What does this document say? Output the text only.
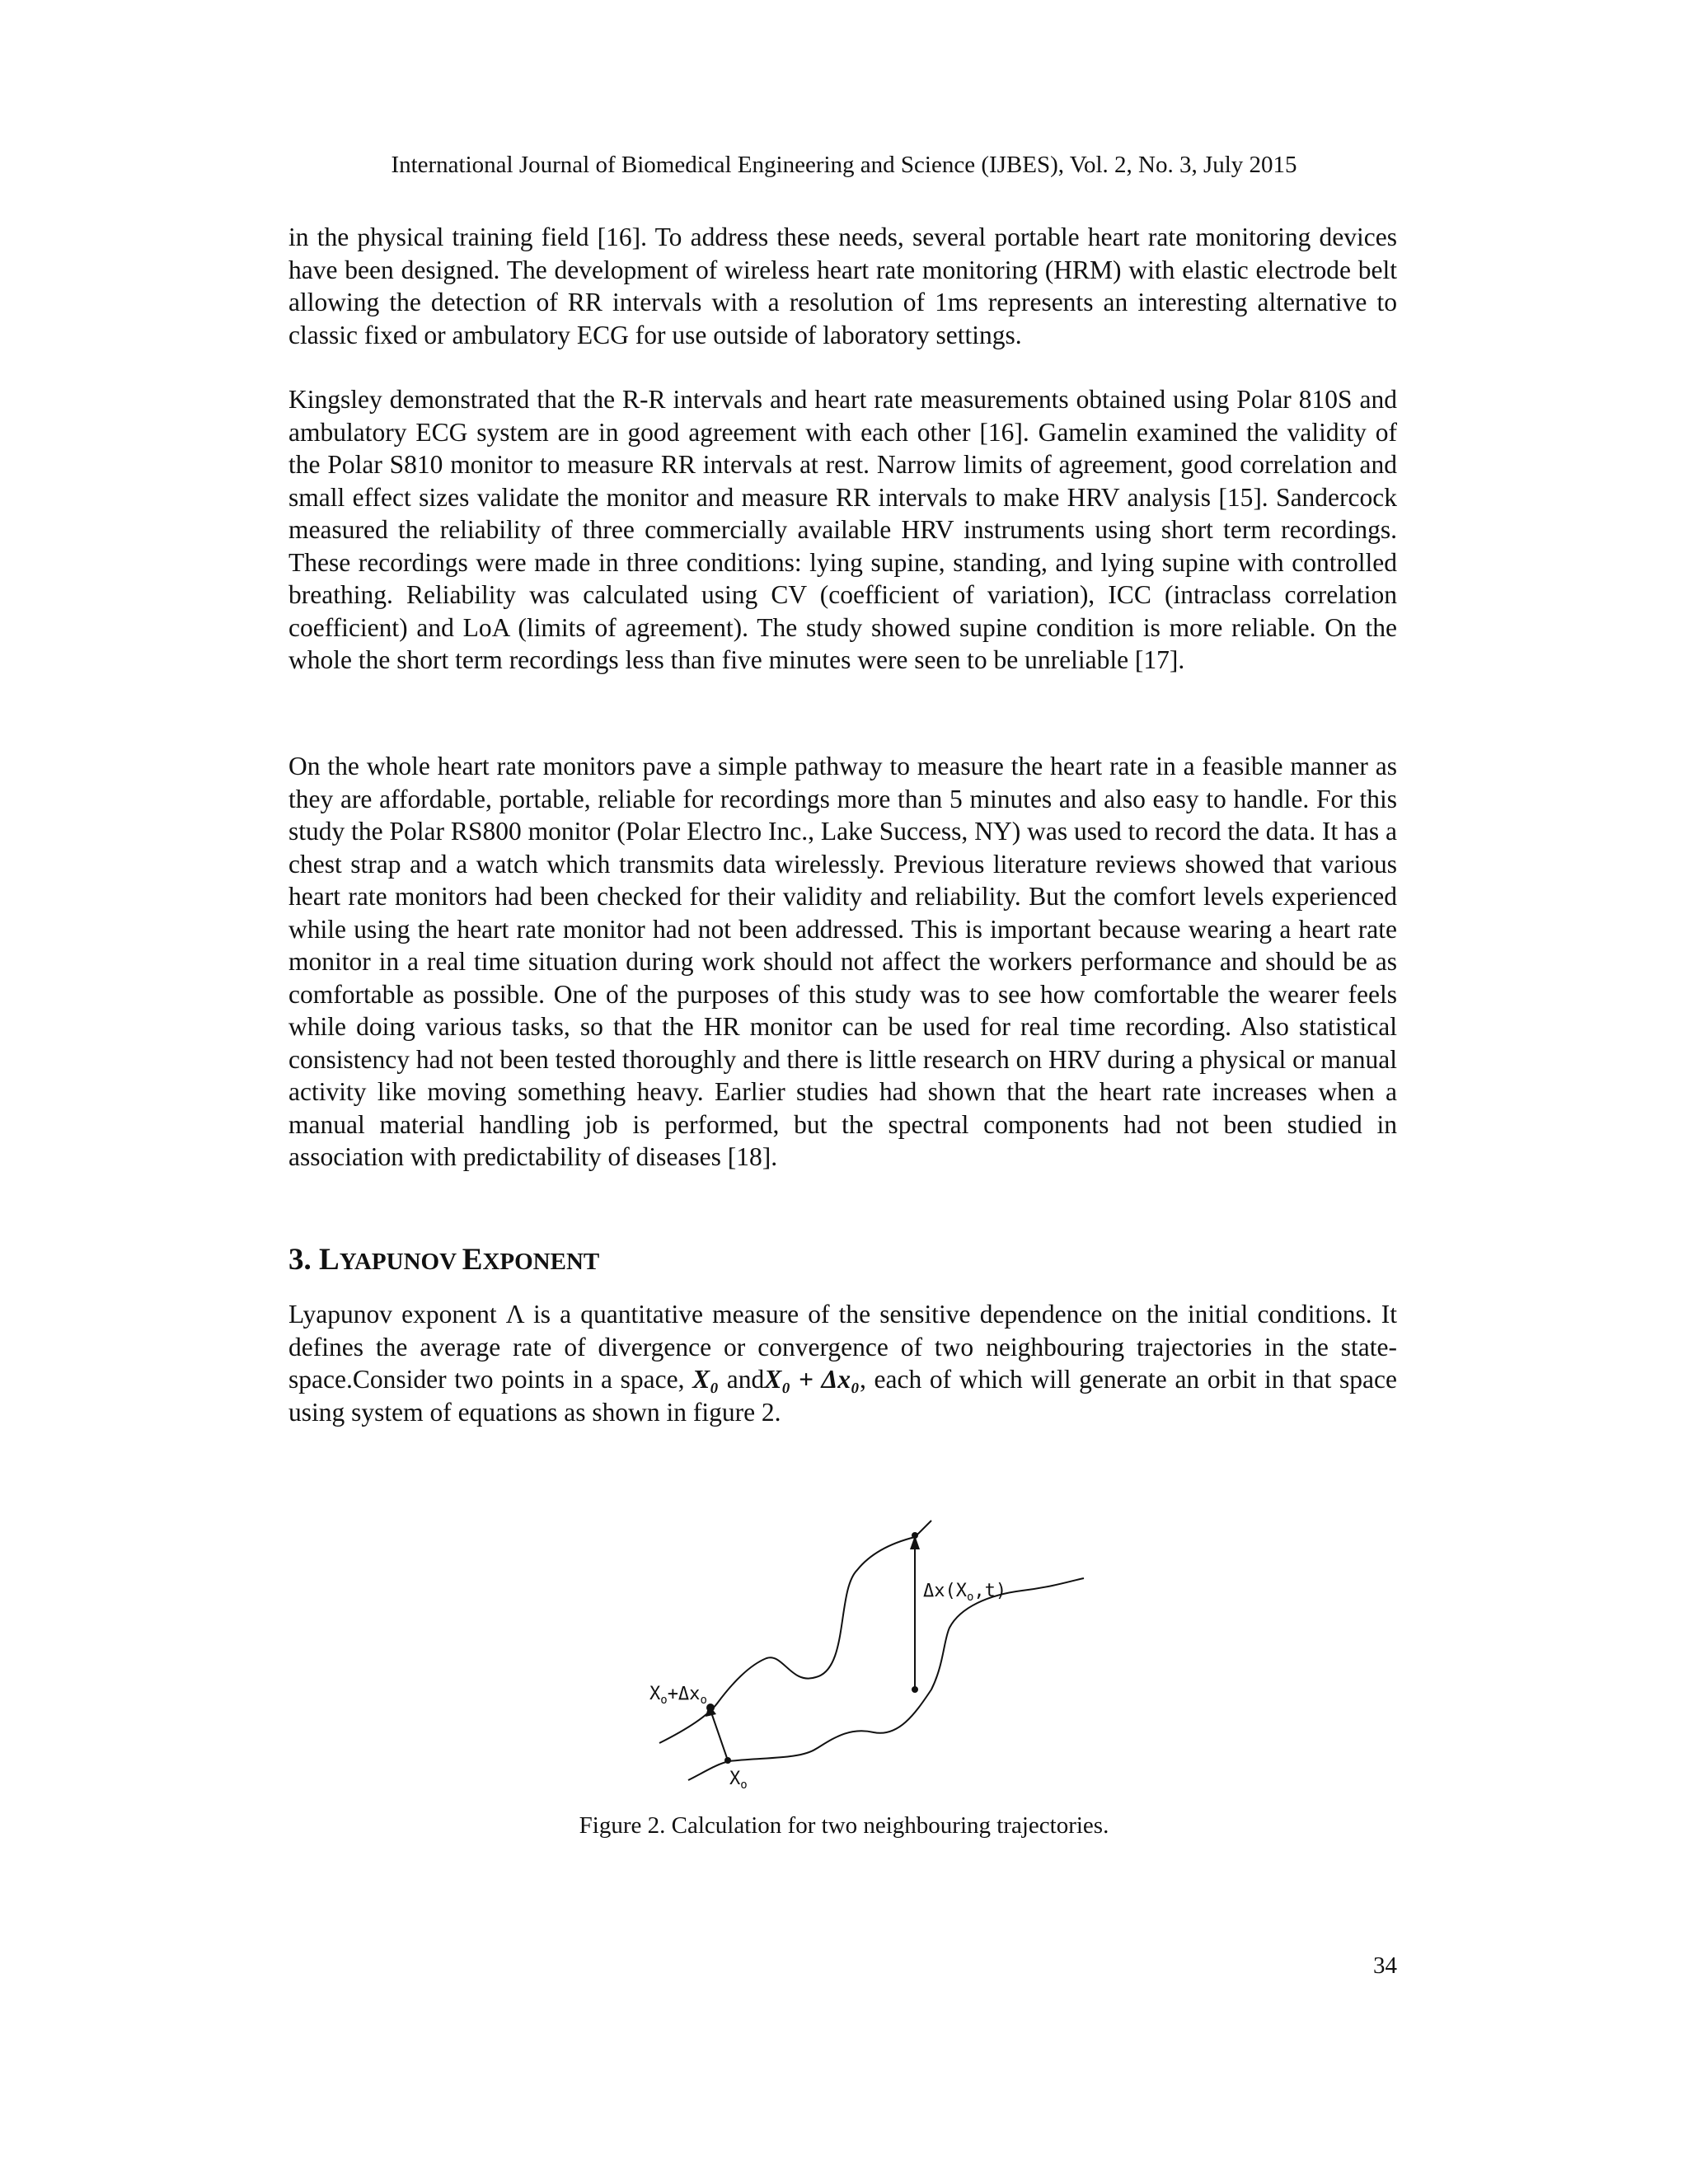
International Journal of Biomedical Engineering and Science (IJBES), Vol. 2, No. 3, July 2015

in the physical training field [16]. To address these needs, several portable heart rate monitoring devices have been designed. The development of wireless heart rate monitoring (HRM) with elastic electrode belt allowing the detection of RR intervals with a resolution of 1ms represents an interesting alternative to classic fixed or ambulatory ECG for use outside of laboratory settings.

Kingsley demonstrated that the R-R intervals and heart rate measurements obtained using Polar 810S and ambulatory ECG system are in good agreement with each other [16]. Gamelin examined the validity of the Polar S810 monitor to measure RR intervals at rest. Narrow limits of agreement, good correlation and small effect sizes validate the monitor and measure RR intervals to make HRV analysis [15]. Sandercock measured the reliability of three commercially available HRV instruments using short term recordings. These recordings were made in three conditions: lying supine, standing, and lying supine with controlled breathing. Reliability was calculated using CV (coefficient of variation), ICC (intraclass correlation coefficient) and LoA (limits of agreement). The study showed supine condition is more reliable. On the whole the short term recordings less than five minutes were seen to be unreliable [17].

On the whole heart rate monitors pave a simple pathway to measure the heart rate in a feasible manner as they are affordable, portable, reliable for recordings more than 5 minutes and also easy to handle. For this study the Polar RS800 monitor (Polar Electro Inc., Lake Success, NY) was used to record the data. It has a chest strap and a watch which transmits data wirelessly. Previous literature reviews showed that various heart rate monitors had been checked for their validity and reliability. But the comfort levels experienced while using the heart rate monitor had not been addressed. This is important because wearing a heart rate monitor in a real time situation during work should not affect the workers performance and should be as comfortable as possible. One of the purposes of this study was to see how comfortable the wearer feels while doing various tasks, so that the HR monitor can be used for real time recording. Also statistical consistency had not been tested thoroughly and there is little research on HRV during a physical or manual activity like moving something heavy. Earlier studies had shown that the heart rate increases when a manual material handling job is performed, but the spectral components had not been studied in association with predictability of diseases [18].

3. LYAPUNOV EXPONENT

Lyapunov exponent Λ is a quantitative measure of the sensitive dependence on the initial conditions. It defines the average rate of divergence or convergence of two neighbouring trajectories in the state-space.Consider two points in a space, X₀ andX₀ + Δx₀, each of which will generate an orbit in that space using system of equations as shown in figure 2.

Xo+Δxo
Xo
Δx(Xo,t)
Figure 2. Calculation for two neighbouring trajectories.
34
